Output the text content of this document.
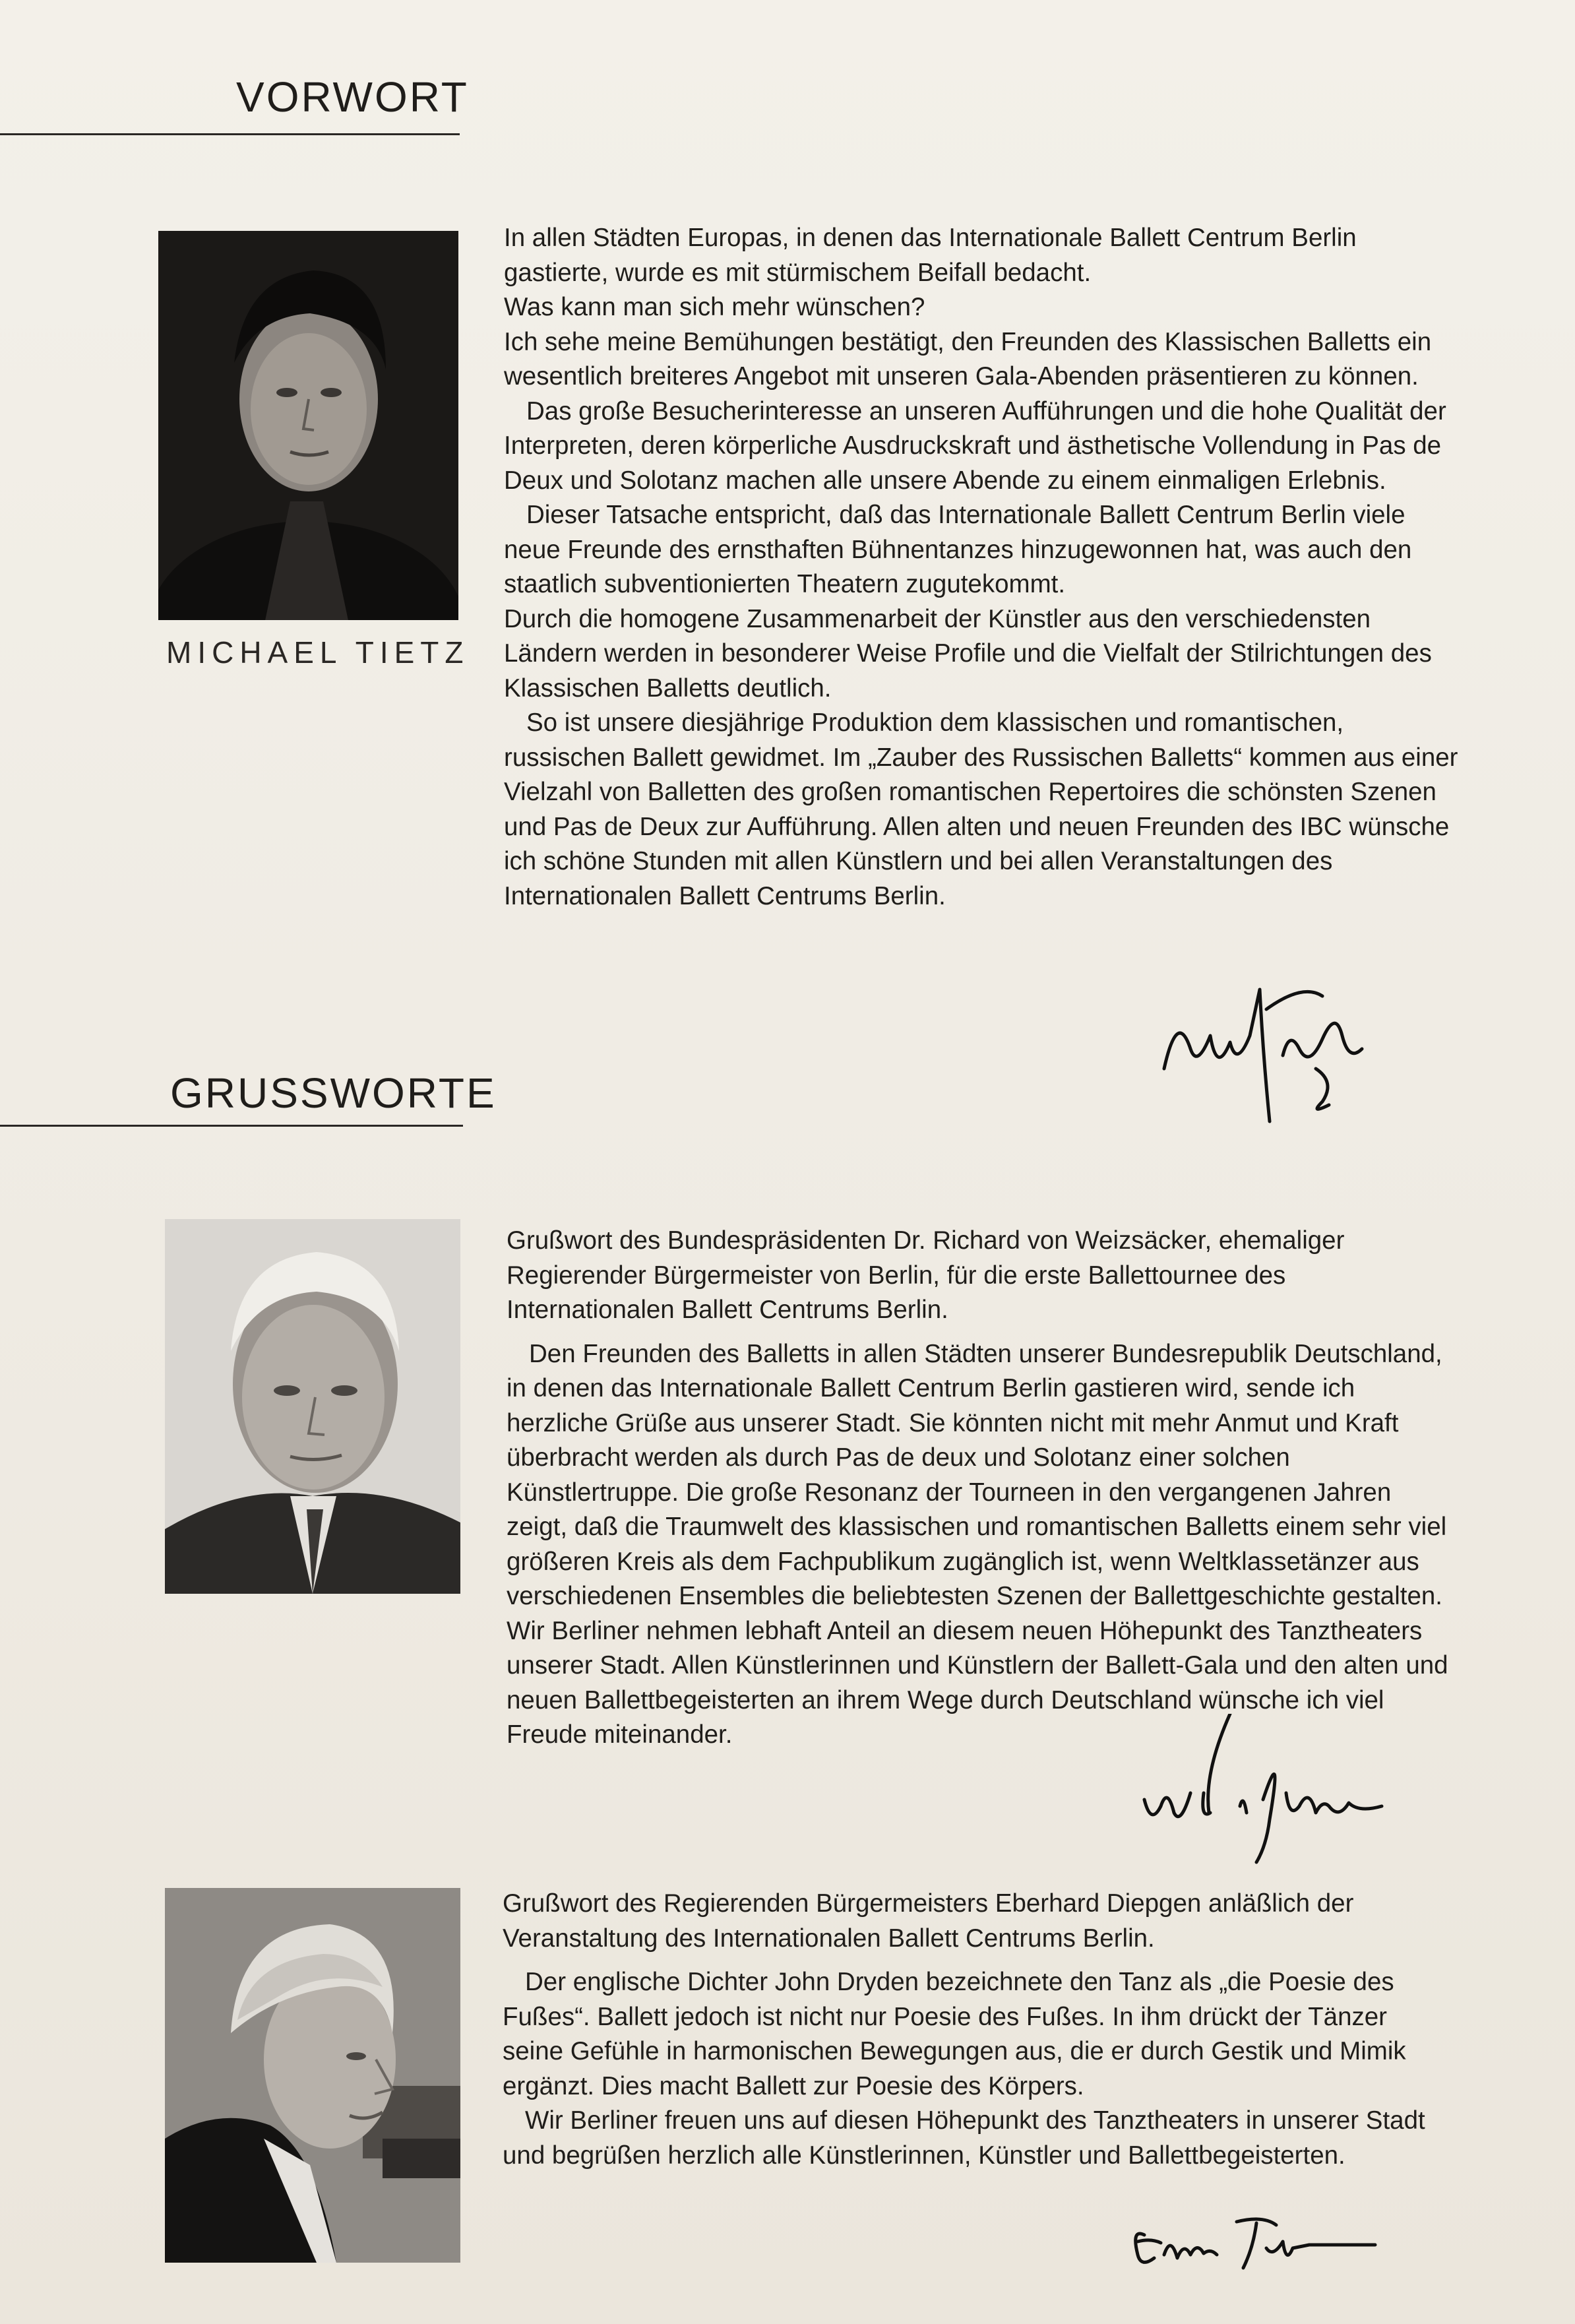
VORWORT
MICHAEL TIETZ

In allen Städten Europas, in denen das Internationale Ballett Centrum Berlin gastierte, wurde es mit stürmischem Beifall bedacht.

Was kann man sich mehr wünschen?

Ich sehe meine Bemühungen bestätigt, den Freunden des Klassischen Balletts ein wesentlich breiteres Angebot mit unseren Gala-Abenden präsentieren zu können.

Das große Besucherinteresse an unseren Aufführungen und die hohe Qualität der Interpreten, deren körperliche Ausdruckskraft und ästhetische Vollendung in Pas de Deux und Solotanz machen alle unsere Abende zu einem einmaligen Erlebnis.

Dieser Tatsache entspricht, daß das Internationale Ballett Centrum Berlin viele neue Freunde des ernsthaften Bühnentanzes hinzugewonnen hat, was auch den staatlich subventionierten Theatern zugutekommt.

Durch die homogene Zusammenarbeit der Künstler aus den verschiedensten Ländern werden in besonderer Weise Profile und die Vielfalt der Stilrichtungen des Klassischen Balletts deutlich.

So ist unsere diesjährige Produktion dem klassischen und romantischen, russischen Ballett gewidmet. Im „Zauber des Russischen Balletts“ kommen aus einer Vielzahl von Balletten des großen romantischen Repertoires die schönsten Szenen und Pas de Deux zur Aufführung. Allen alten und neuen Freunden des IBC wünsche ich schöne Stunden mit allen Künstlern und bei allen Veranstaltungen des Internationalen Ballett Centrums Berlin.

GRUSSWORTE

Grußwort des Bundespräsidenten Dr. Richard von Weizsäcker, ehemaliger Regierender Bürgermeister von Berlin, für die erste Ballettournee des Internationalen Ballett Centrums Berlin.

Den Freunden des Balletts in allen Städten unserer Bundesrepublik Deutschland, in denen das Internationale Ballett Centrum Berlin gastieren wird, sende ich herzliche Grüße aus unserer Stadt. Sie könnten nicht mit mehr Anmut und Kraft überbracht werden als durch Pas de deux und Solotanz einer solchen Künstlertruppe. Die große Resonanz der Tourneen in den vergangenen Jahren zeigt, daß die Traumwelt des klassischen und romantischen Balletts einem sehr viel größeren Kreis als dem Fachpublikum zugänglich ist, wenn Weltklassetänzer aus verschiedenen Ensembles die beliebtesten Szenen der Ballettgeschichte gestalten. Wir Berliner nehmen lebhaft Anteil an diesem neuen Höhepunkt des Tanztheaters unserer Stadt. Allen Künstlerinnen und Künstlern der Ballett-Gala und den alten und neuen Ballettbegeisterten an ihrem Wege durch Deutschland wünsche ich viel Freude miteinander.

Grußwort des Regierenden Bürgermeisters Eberhard Diepgen anläßlich der Veranstaltung des Internationalen Ballett Centrums Berlin.

Der englische Dichter John Dryden bezeichnete den Tanz als „die Poesie des Fußes“. Ballett jedoch ist nicht nur Poesie des Fußes. In ihm drückt der Tänzer seine Gefühle in harmonischen Bewegungen aus, die er durch Gestik und Mimik ergänzt. Dies macht Ballett zur Poesie des Körpers.

Wir Berliner freuen uns auf diesen Höhepunkt des Tanztheaters in unserer Stadt und begrüßen herzlich alle Künstlerinnen, Künstler und Ballettbegeisterten.
